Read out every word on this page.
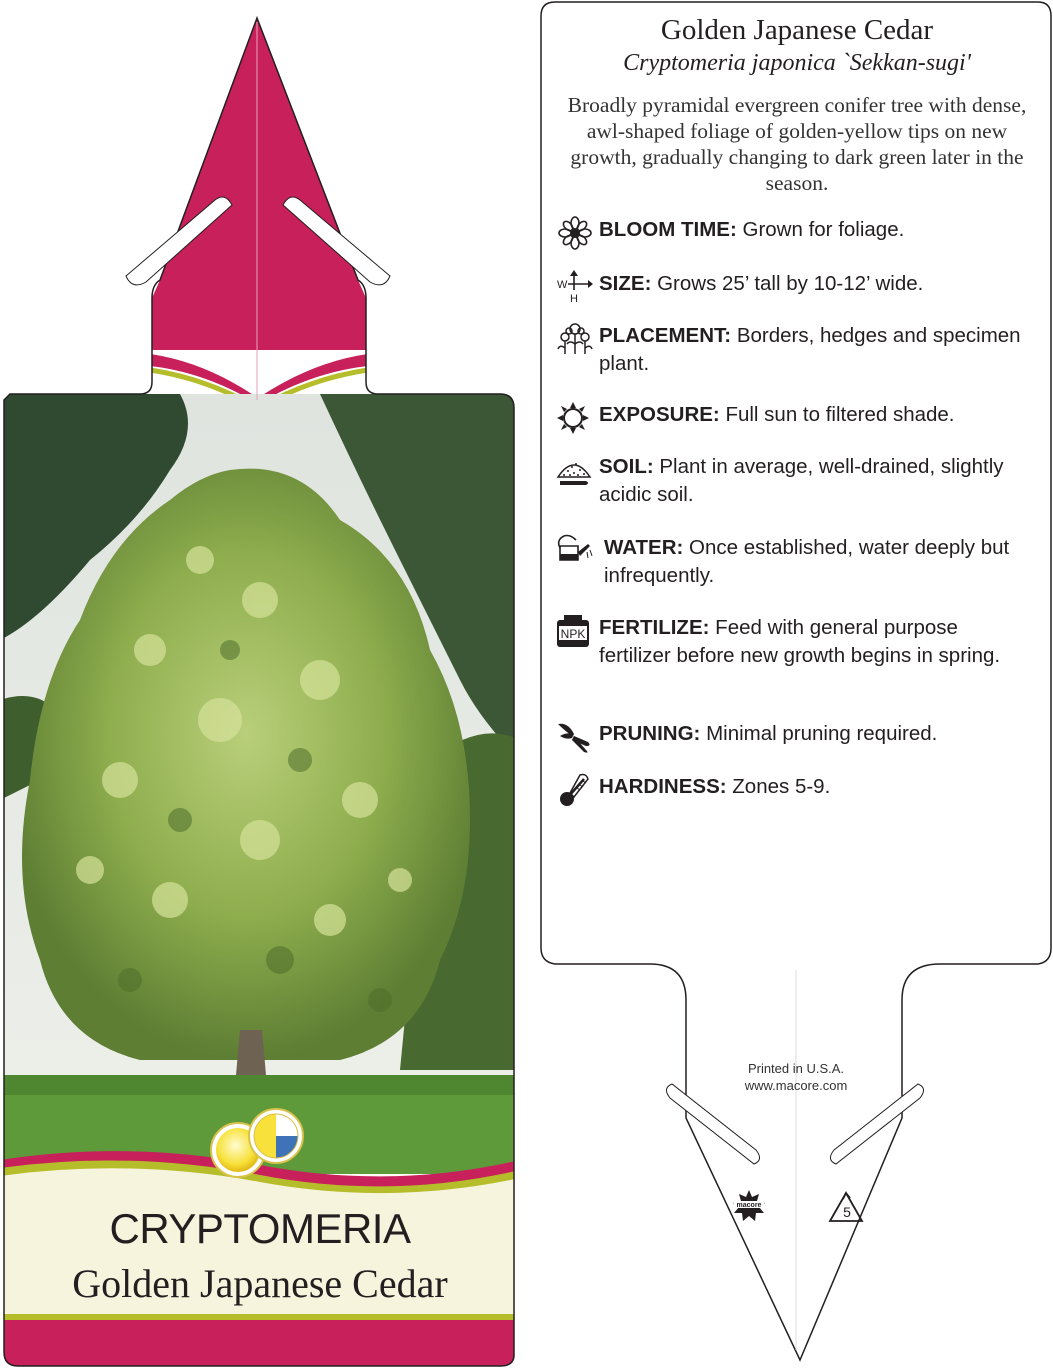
CRYPTOMERIA
Golden Japanese Cedar
Golden Japanese Cedar
Cryptomeria japonica `Sekkan-sugi'
Broadly pyramidal evergreen conifer tree with dense, awl-shaped foliage of golden-yellow tips on new growth, gradually changing to dark green later in the season.
BLOOM TIME: Grown for foliage.
W
H
SIZE: Grows 25’ tall by 10-12’ wide.
PLACEMENT: Borders, hedges and specimen plant.
EXPOSURE: Full sun to filtered shade.
SOIL: Plant in average, well-drained, slightly acidic soil.
WATER: Once established, water deeply but infrequently.
NPK FERTILIZE: Feed with general purpose fertilizer before new growth begins in spring.
PRUNING: Minimal pruning required.
HARDINESS: Zones 5-9.
Printed in U.S.A.
www.macore.com
macore	5
